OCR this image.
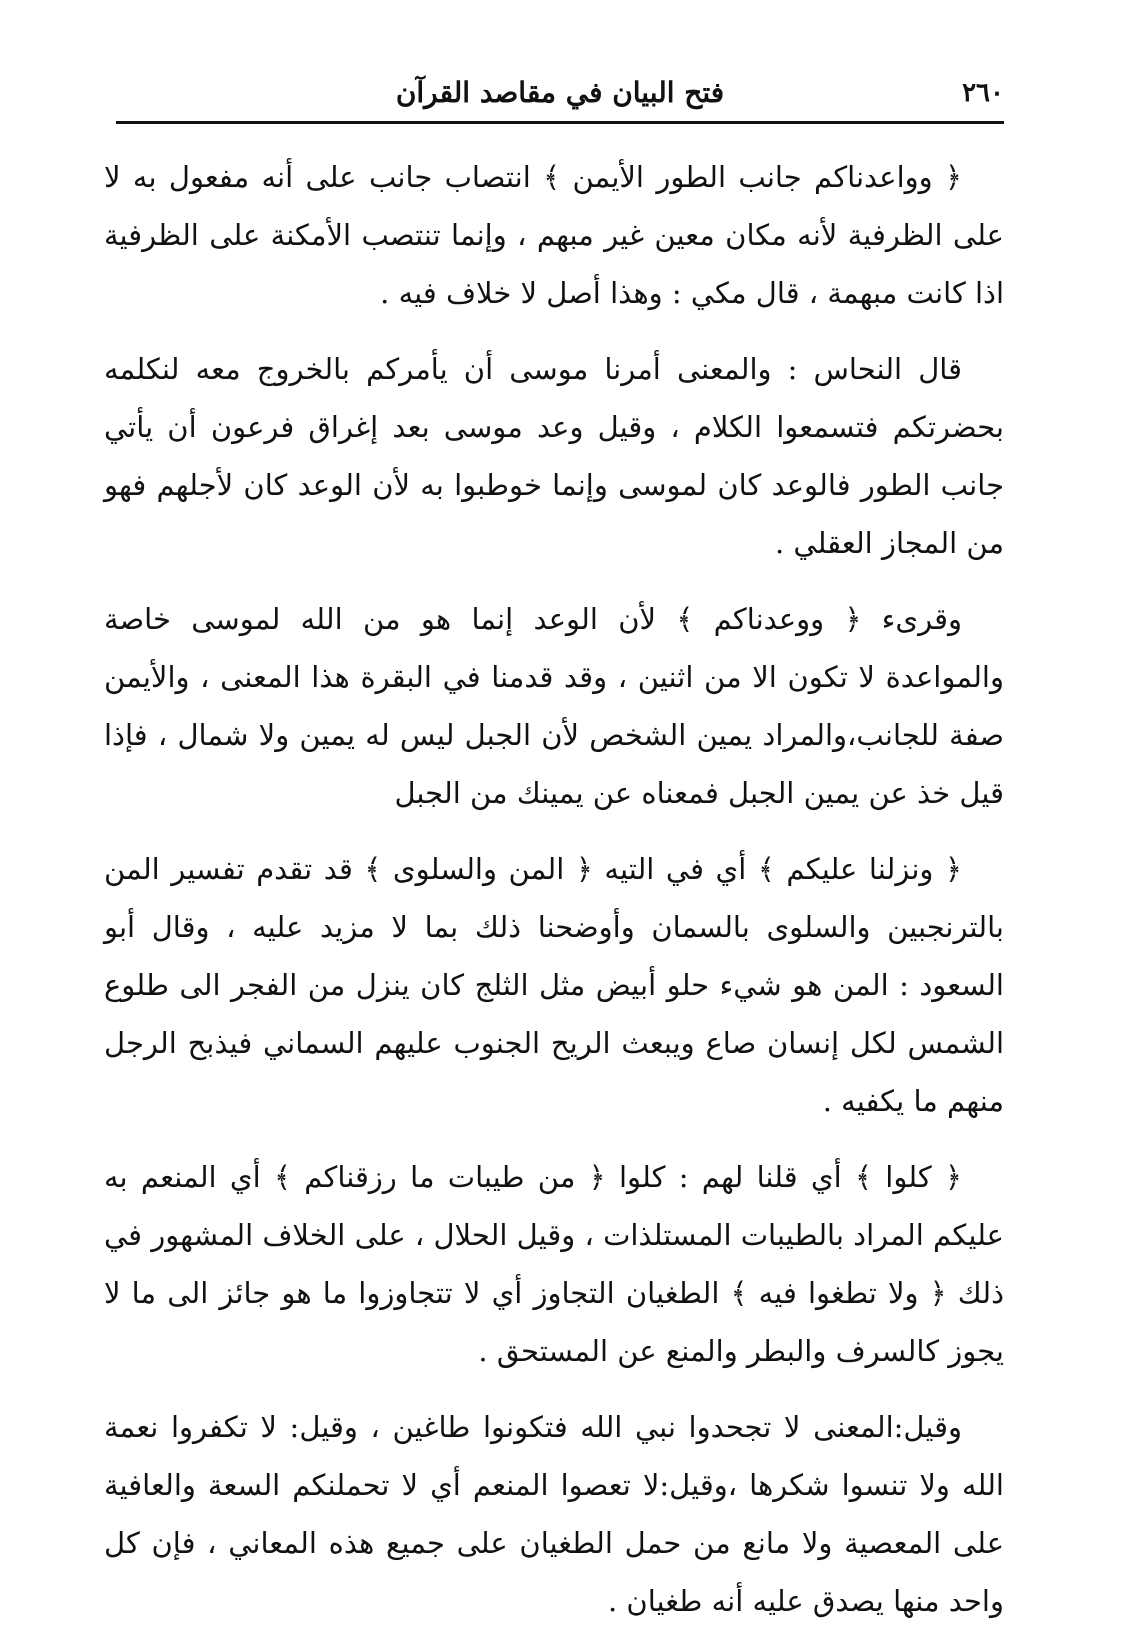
٢٦٠
فتح البيان في مقاصد القرآن

﴿ وواعدناكم جانب الطور الأيمن ﴾ انتصاب جانب على أنه مفعول به لا على الظرفية لأنه مكان معين غير مبهم ، وإنما تنتصب الأمكنة على الظرفية اذا كانت مبهمة ، قال مكي : وهذا أصل لا خلاف فيه .

قال النحاس : والمعنى أمرنا موسى أن يأمركم بالخروج معه لنكلمه بحضرتكم فتسمعوا الكلام ، وقيل وعد موسى بعد إغراق فرعون أن يأتي جانب الطور فالوعد كان لموسى وإنما خوطبوا به لأن الوعد كان لأجلهم فهو من المجاز العقلي .

وقرىء ﴿ ووعدناكم ﴾ لأن الوعد إنما هو من الله لموسى خاصة والمواعدة لا تكون الا من اثنين ، وقد قدمنا في البقرة هذا المعنى ، والأيمن صفة للجانب،والمراد يمين الشخص لأن الجبل ليس له يمين ولا شمال ، فإذا قيل خذ عن يمين الجبل فمعناه عن يمينك من الجبل

﴿ ونزلنا عليكم ﴾ أي في التيه ﴿ المن والسلوى ﴾ قد تقدم تفسير المن بالترنجبين والسلوى بالسمان وأوضحنا ذلك بما لا مزيد عليه ، وقال أبو السعود : المن هو شيء حلو أبيض مثل الثلج كان ينزل من الفجر الى طلوع الشمس لكل إنسان صاع ويبعث الريح الجنوب عليهم السماني فيذبح الرجل منهم ما يكفيه .

﴿ كلوا ﴾ أي قلنا لهم : كلوا ﴿ من طيبات ما رزقناكم ﴾ أي المنعم به عليكم المراد بالطيبات المستلذات ، وقيل الحلال ، على الخلاف المشهور في ذلك ﴿ ولا تطغوا فيه ﴾ الطغيان التجاوز أي لا تتجاوزوا ما هو جائز الى ما لا يجوز كالسرف والبطر والمنع عن المستحق .

وقيل:المعنى لا تجحدوا نبي الله فتكونوا طاغين ، وقيل: لا تكفروا نعمة الله ولا تنسوا شكرها ،وقيل:لا تعصوا المنعم أي لا تحملنكم السعة والعافية على المعصية ولا مانع من حمل الطغيان على جميع هذه المعاني ، فإن كل واحد منها يصدق عليه أنه طغيان .
